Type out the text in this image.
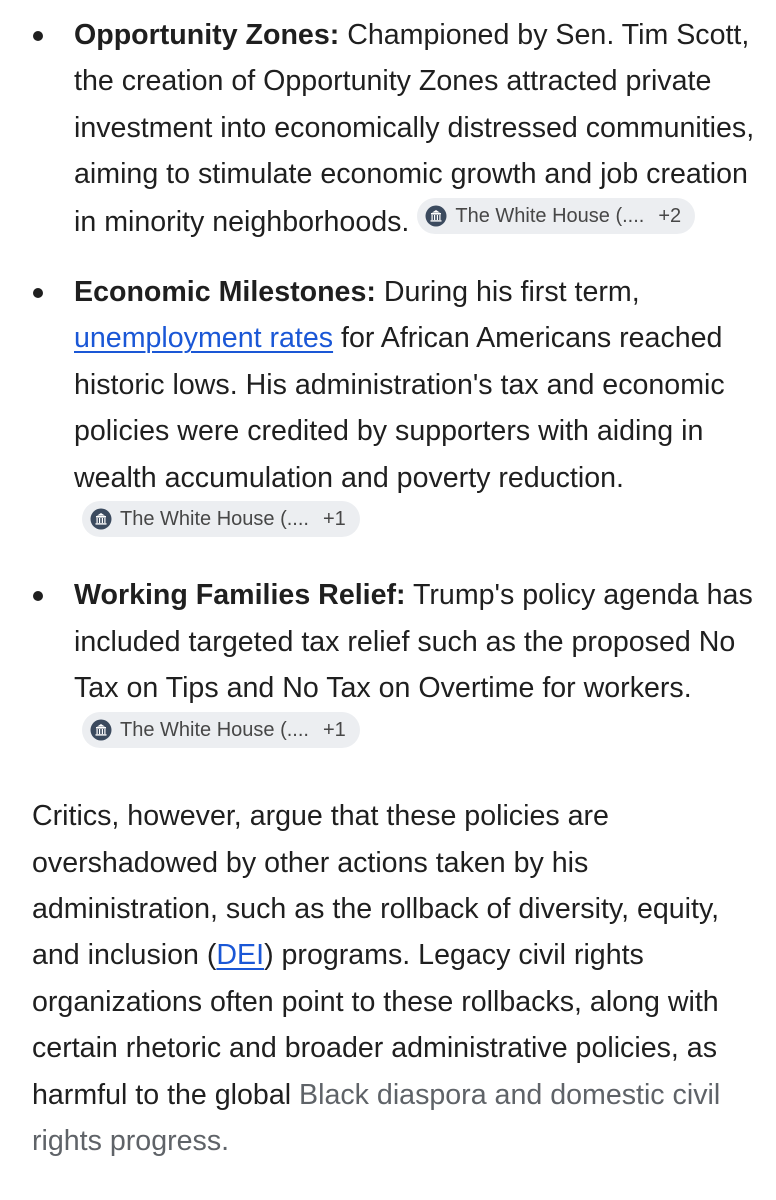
Opportunity Zones: Championed by Sen. Tim Scott, the creation of Opportunity Zones attracted private investment into economically distressed communities, aiming to stimulate economic growth and job creation in minority neighborhoods. The White House (.... +2
Economic Milestones: During his first term, unemployment rates for African Americans reached historic lows. His administration's tax and economic policies were credited by supporters with aiding in wealth accumulation and poverty reduction.
The White House (.... +1
Working Families Relief: Trump's policy agenda has included targeted tax relief such as the proposed No Tax on Tips and No Tax on Overtime for workers.
The White House (.... +1

Critics, however, argue that these policies are overshadowed by other actions taken by his administration, such as the rollback of diversity, equity, and inclusion (DEI) programs. Legacy civil rights organizations often point to these rollbacks, along with certain rhetoric and broader administrative policies, as harmful to the global Black diaspora and domestic civil rights progress.
